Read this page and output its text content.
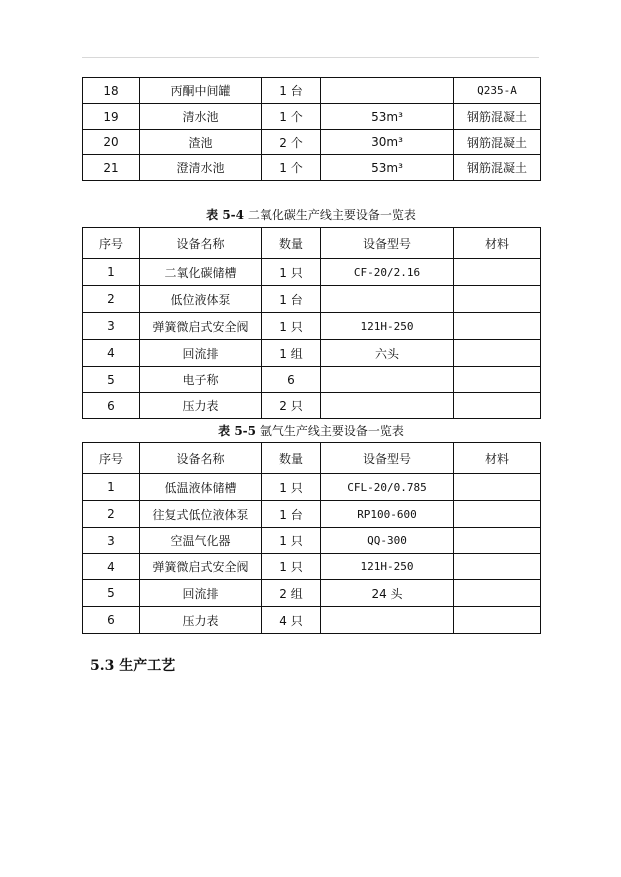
18	丙酮中间罐	1 台		Q235-A
19	清水池	1 个	53m³	钢筋混凝土
20	渣池	2 个	30m³	钢筋混凝土
21	澄清水池	1 个	53m³	钢筋混凝土
表 5-4 二氧化碳生产线主要设备一览表
序号	设备名称	数量	设备型号	材料
1	二氧化碳储槽	1 只	CF-20/2.16	
2	低位液体泵	1 台		
3	弹簧微启式安全阀	1 只	121H-250	
4	回流排	1 组	六头	
5	电子称	6		
6	压力表	2 只		
表 5-5 氩气生产线主要设备一览表
序号	设备名称	数量	设备型号	材料
1	低温液体储槽	1 只	CFL-20/0.785	
2	往复式低位液体泵	1 台	RP100-600	
3	空温气化器	1 只	QQ-300	
4	弹簧微启式安全阀	1 只	121H-250	
5	回流排	2 组	24 头	
6	压力表	4 只		
5.3 生产工艺
